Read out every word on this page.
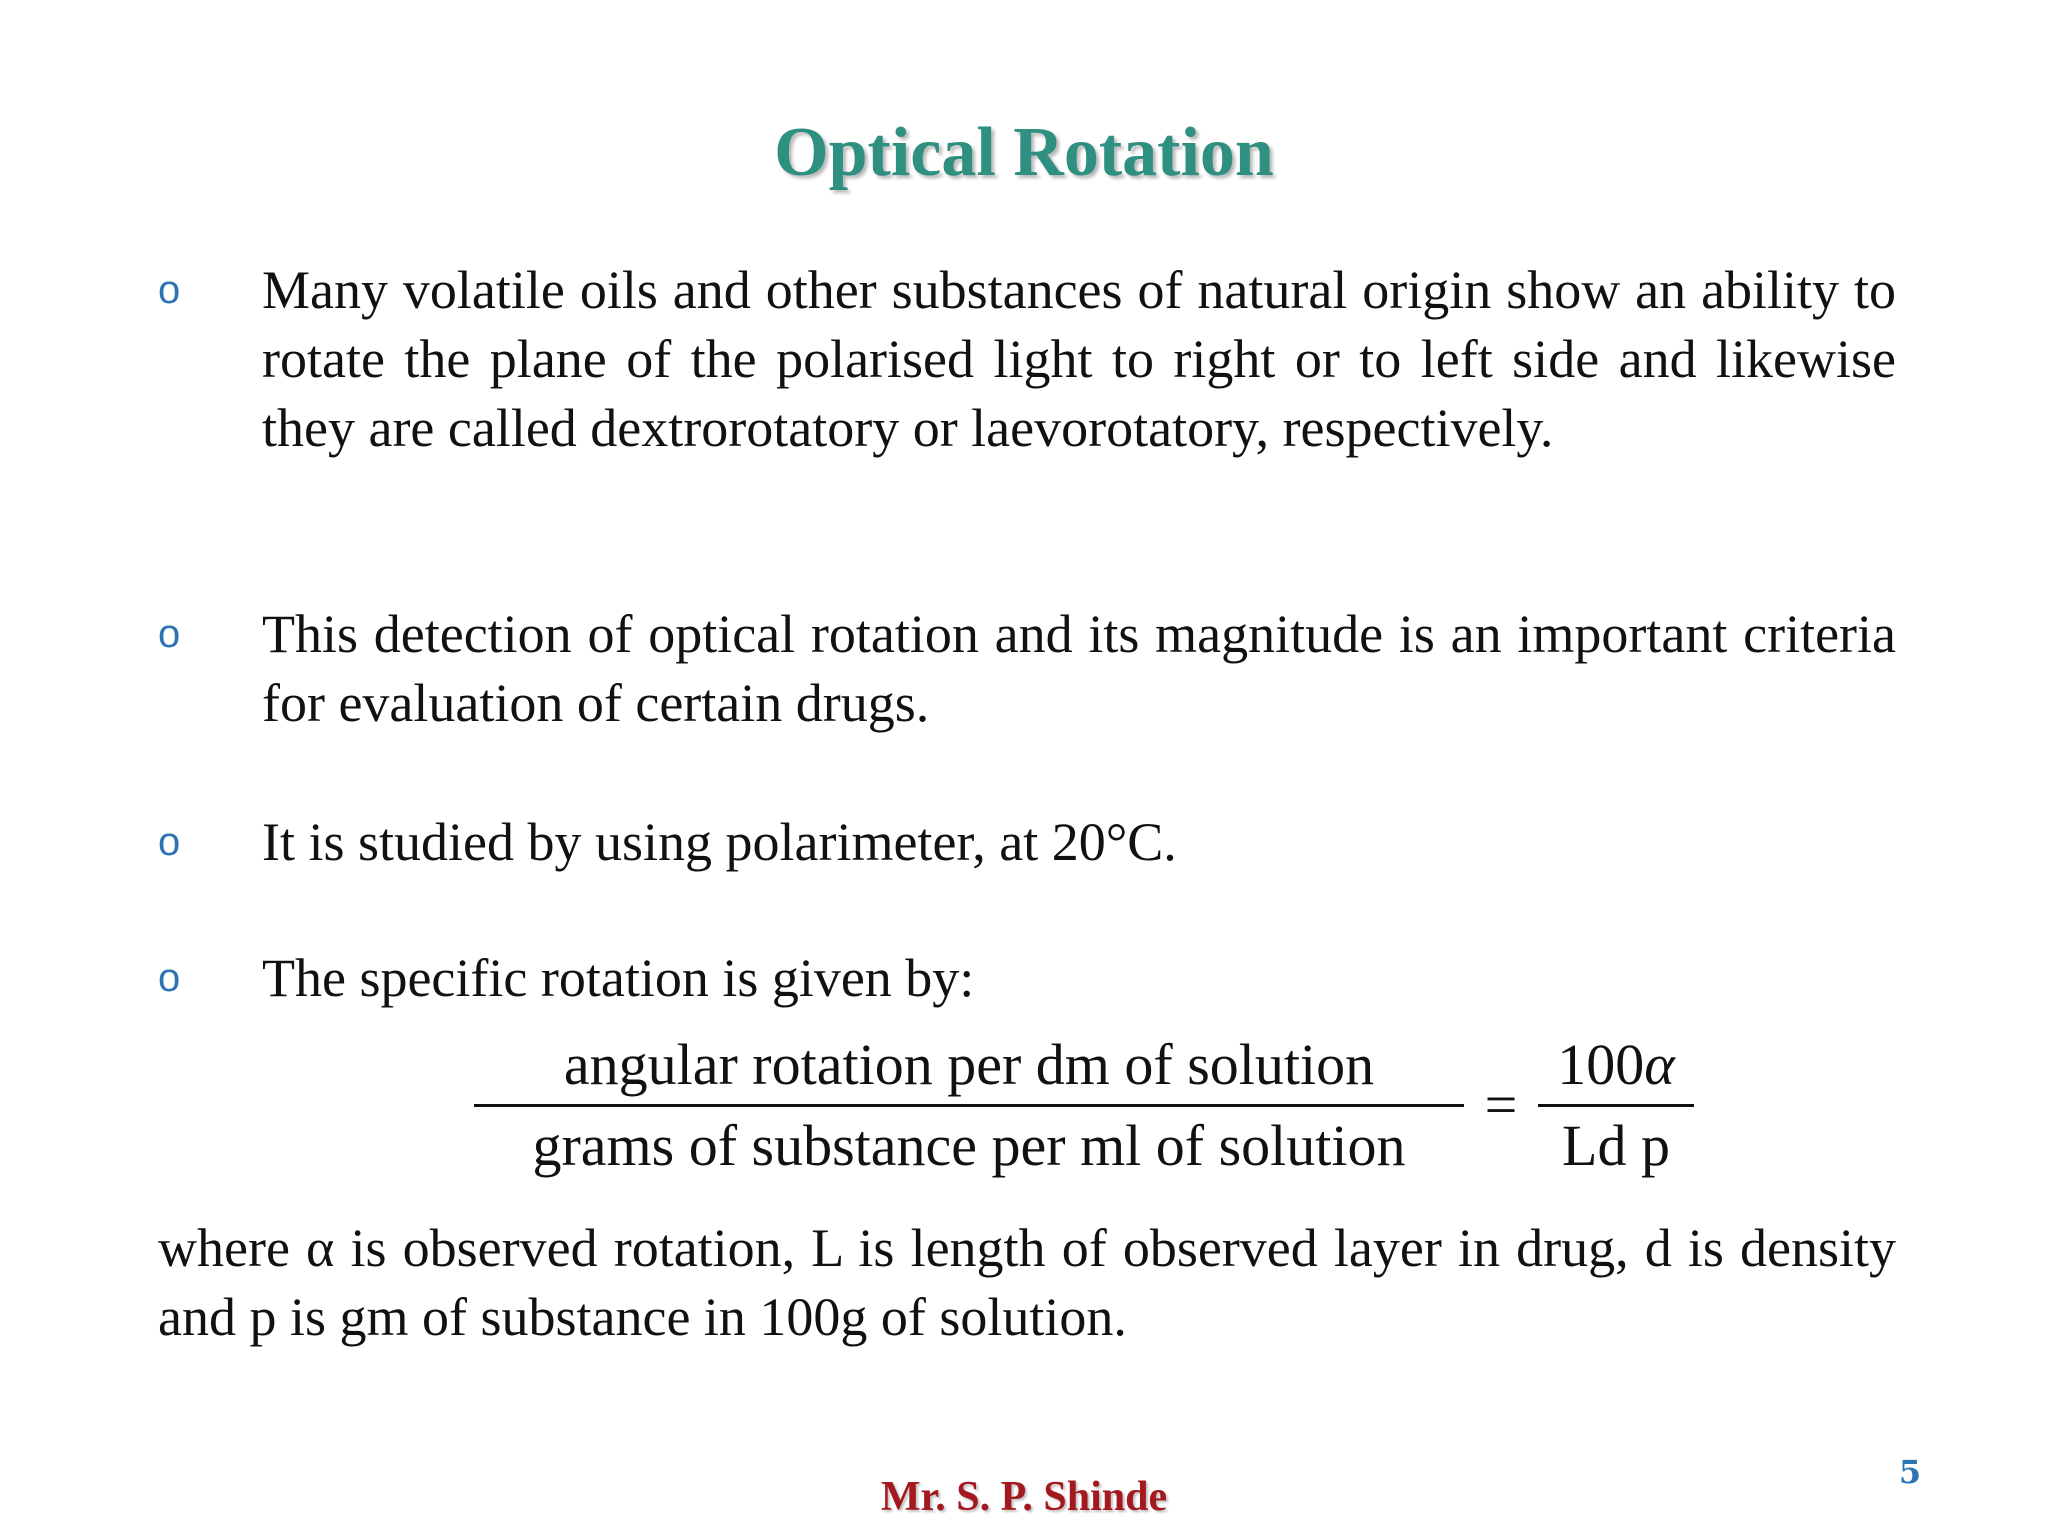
Optical Rotation
o Many volatile oils and other substances of natural origin show an ability to rotate the plane of the polarised light to right or to left side and likewise they are called dextrorotatory or laevorotatory, respectively.
o This detection of optical rotation and its magnitude is an important criteria for evaluation of certain drugs.
o It is studied by using polarimeter, at 20°C.
o The specific rotation is given by:
angular rotation per dm of solution
grams of substance per ml of solution
=
100α
Ld p
where α is observed rotation, L is length of observed layer in drug, d is density and p is gm of substance in 100g of solution.
Mr. S. P. Shinde
5
